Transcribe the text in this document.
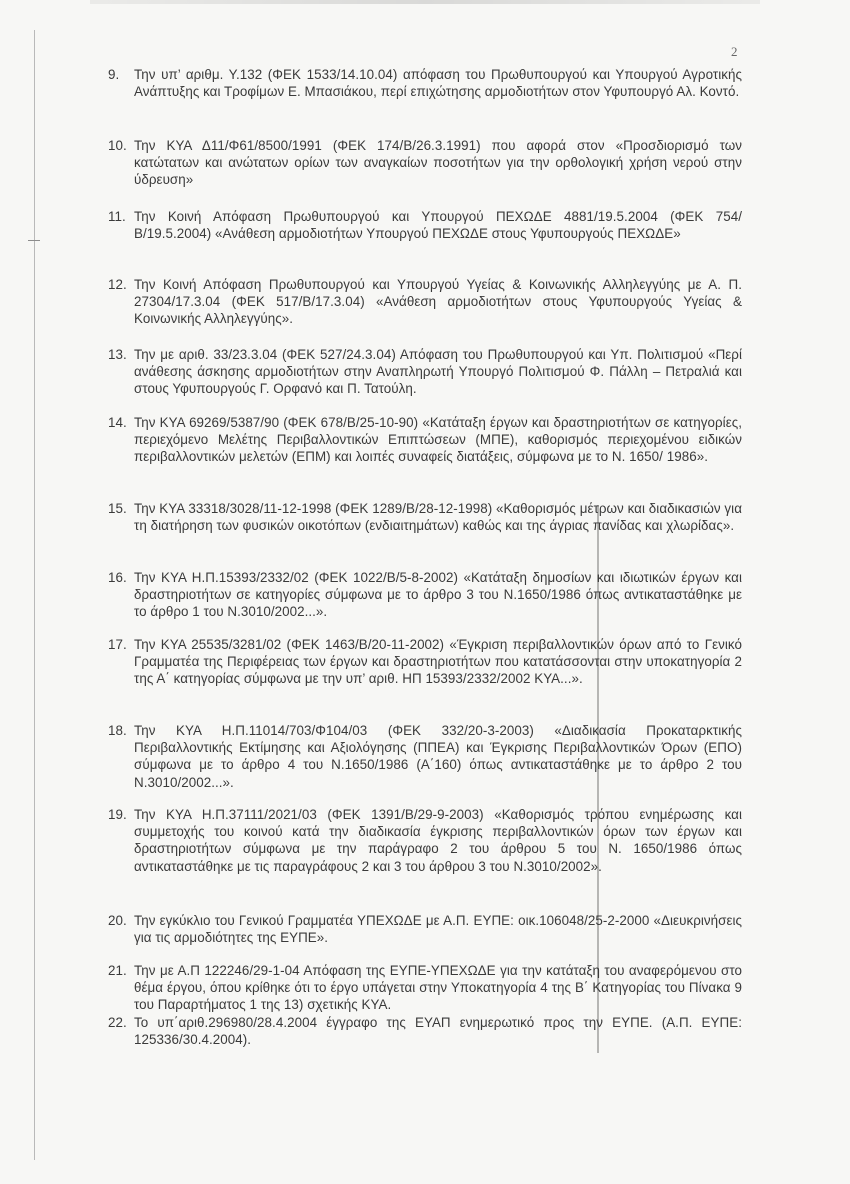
2
9.	Την υπ’ αριθμ. Υ.132 (ΦΕΚ 1533/14.10.04) απόφαση του Πρωθυπουργού και Υπουργού Αγροτικής Ανάπτυξης και Τροφίμων Ε. Μπασιάκου, περί επιχώτησης αρμοδιοτήτων στον Υφυπουργό Αλ. Κοντό.
10. Την ΚΥΑ Δ11/Φ61/8500/1991 (ΦΕΚ 174/Β/26.3.1991) που αφορά στον «Προσδιορισμό των κατώτατων και ανώτατων ορίων των αναγκαίων ποσοτήτων για την ορθολογική χρήση νερού στην ύδρευση»
11. Την Κοινή Απόφαση Πρωθυπουργού και Υπουργού ΠΕΧΩΔΕ 4881/19.5.2004 (ΦΕΚ 754/Β/19.5.2004) «Ανάθεση αρμοδιοτήτων Υπουργού ΠΕΧΩΔΕ στους Υφυπουργούς ΠΕΧΩΔΕ»
12. Την Κοινή Απόφαση Πρωθυπουργού και Υπουργού Υγείας & Κοινωνικής Αλληλεγγύης με Α. Π. 27304/17.3.04 (ΦΕΚ 517/Β/17.3.04) «Ανάθεση αρμοδιοτήτων στους Υφυπουργούς Υγείας & Κοινωνικής Αλληλεγγύης».
13. Την με αριθ. 33/23.3.04 (ΦΕΚ 527/24.3.04) Απόφαση του Πρωθυπουργού και Υπ. Πολιτισμού «Περί ανάθεσης άσκησης αρμοδιοτήτων στην Αναπληρωτή Υπουργό Πολιτισμού Φ. Πάλλη – Πετραλιά και στους Υφυπουργούς Γ. Ορφανό και Π. Τατούλη.
14. Την ΚΥΑ 69269/5387/90 (ΦΕΚ 678/Β/25-10-90) «Κατάταξη έργων και δραστηριοτήτων σε κατηγορίες, περιεχόμενο Μελέτης Περιβαλλοντικών Επιπτώσεων (ΜΠΕ), καθορισμός περιεχομένου ειδικών περιβαλλοντικών μελετών (ΕΠΜ) και λοιπές συναφείς διατάξεις, σύμφωνα με το Ν. 1650/ 1986».
15. Την ΚΥΑ 33318/3028/11-12-1998 (ΦΕΚ 1289/Β/28-12-1998) «Καθορισμός μέτρων και διαδικασιών για τη διατήρηση των φυσικών οικοτόπων (ενδιαιτημάτων) καθώς και της άγριας πανίδας και χλωρίδας».
16. Την ΚΥΑ Η.Π.15393/2332/02 (ΦΕΚ 1022/Β/5-8-2002) «Κατάταξη δημοσίων και ιδιωτικών έργων και δραστηριοτήτων σε κατηγορίες σύμφωνα με το άρθρο 3 του Ν.1650/1986 όπως αντικαταστάθηκε με το άρθρο 1 του Ν.3010/2002...».
17. Την ΚΥΑ 25535/3281/02 (ΦΕΚ 1463/Β/20-11-2002) «Έγκριση περιβαλλοντικών όρων από το Γενικό Γραμματέα της Περιφέρειας των έργων και δραστηριοτήτων που κατατάσσονται στην υποκατηγορία 2 της Α΄ κατηγορίας σύμφωνα με την υπ’ αριθ. ΗΠ 15393/2332/2002 ΚΥΑ...».
18. Την ΚΥΑ Η.Π.11014/703/Φ104/03 (ΦΕΚ 332/20-3-2003) «Διαδικασία Προκαταρκτικής Περιβαλλοντικής Εκτίμησης και Αξιολόγησης (ΠΠΕΑ) και Έγκρισης Περιβαλλοντικών Όρων (ΕΠΟ) σύμφωνα με το άρθρο 4 του Ν.1650/1986 (Α΄160) όπως αντικαταστάθηκε με το άρθρο 2 του Ν.3010/2002...».
19. Την ΚΥΑ Η.Π.37111/2021/03 (ΦΕΚ 1391/Β/29-9-2003) «Καθορισμός τρόπου ενημέρωσης και συμμετοχής του κοινού κατά την διαδικασία έγκρισης περιβαλλοντικών όρων των έργων και δραστηριοτήτων σύμφωνα με την παράγραφο 2 του άρθρου 5 του Ν. 1650/1986 όπως αντικαταστάθηκε με τις παραγράφους 2 και 3 του άρθρου 3 του Ν.3010/2002».
20. Την εγκύκλιο του Γενικού Γραμματέα ΥΠΕΧΩΔΕ με Α.Π. ΕΥΠΕ: οικ.106048/25-2-2000 «Διευκρινήσεις για τις αρμοδιότητες της ΕΥΠΕ».
21. Την με Α.Π 122246/29-1-04 Απόφαση της ΕΥΠΕ-ΥΠΕΧΩΔΕ για την κατάταξη του αναφερόμενου στο θέμα έργου, όπου κρίθηκε ότι το έργο υπάγεται στην Υποκατηγορία 4 της Β΄ Κατηγορίας του Πίνακα 9 του Παραρτήματος 1 της 13) σχετικής ΚΥΑ.
22. Το υπ΄αριθ.296980/28.4.2004 έγγραφο της ΕΥΑΠ ενημερωτικό προς την ΕΥΠΕ. (Α.Π. ΕΥΠΕ: 125336/30.4.2004).
